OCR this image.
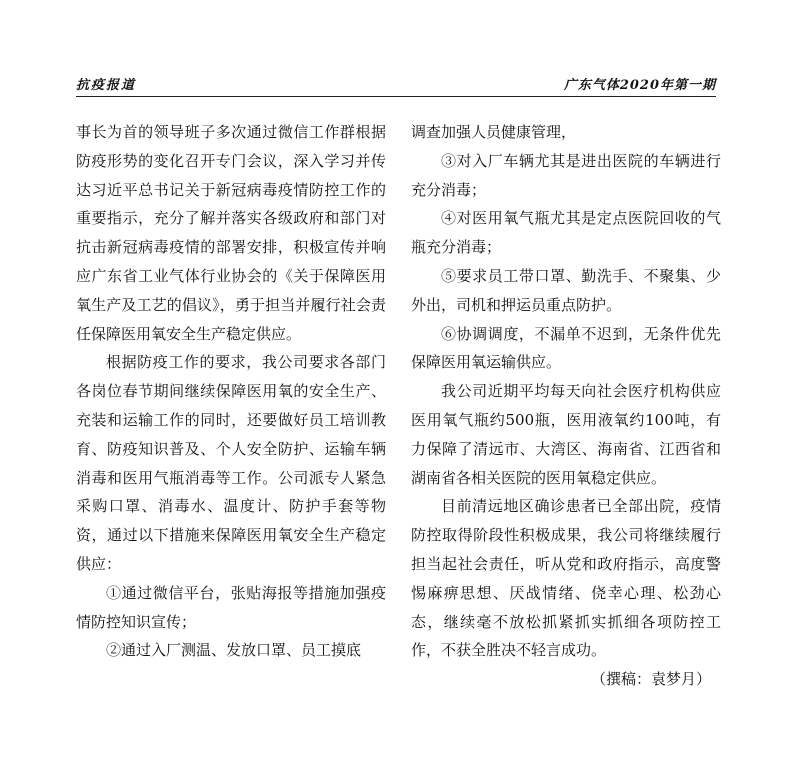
抗疫报道	广东气体2020年第一期

事长为首的领导班子多次通过微信工作群根据防疫形势的变化召开专门会议，深入学习并传达习近平总书记关于新冠病毒疫情防控工作的重要指示，充分了解并落实各级政府和部门对抗击新冠病毒疫情的部署安排，积极宣传并响应广东省工业气体行业协会的《关于保障医用氧生产及工艺的倡议》，勇于担当并履行社会责任保障医用氧安全生产稳定供应。

根据防疫工作的要求，我公司要求各部门各岗位春节期间继续保障医用氧的安全生产、充装和运输工作的同时，还要做好员工培训教育、防疫知识普及、个人安全防护、运输车辆消毒和医用气瓶消毒等工作。公司派专人紧急采购口罩、消毒水、温度计、防护手套等物资，通过以下措施来保障医用氧安全生产稳定供应：

①通过微信平台，张贴海报等措施加强疫情防控知识宣传；

②通过入厂测温、发放口罩、员工摸底

调查加强人员健康管理，

③对入厂车辆尤其是进出医院的车辆进行充分消毒；

④对医用氧气瓶尤其是定点医院回收的气瓶充分消毒；

⑤要求员工带口罩、勤洗手、不聚集、少外出，司机和押运员重点防护。

⑥协调调度，不漏单不迟到，无条件优先保障医用氧运输供应。

我公司近期平均每天向社会医疗机构供应医用氧气瓶约500瓶，医用液氧约100吨，有力保障了清远市、大湾区、海南省、江西省和湖南省各相关医院的医用氧稳定供应。

目前清远地区确诊患者已全部出院，疫情防控取得阶段性积极成果，我公司将继续履行担当起社会责任，听从党和政府指示，高度警惕麻痹思想、厌战情绪、侥幸心理、松劲心态，继续毫不放松抓紧抓实抓细各项防控工作，不获全胜决不轻言成功。

（撰稿：袁梦月）
